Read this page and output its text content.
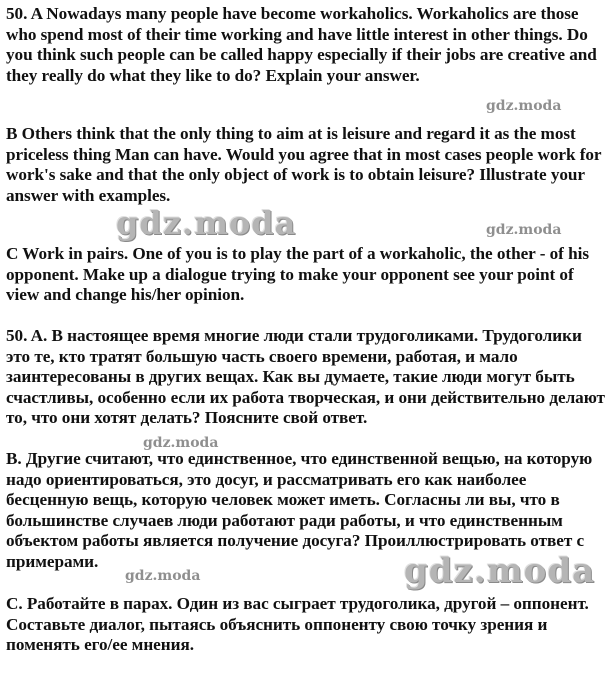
50. A Nowadays many people have become workaholics. Workaholics are those who spend most of their time working and have little interest in other things. Do you think such people can be called happy especially if their jobs are creative and they really do what they like to do? Explain your answer.

gdz.moda

B Others think that the only thing to aim at is leisure and regard it as the most priceless thing Man can have. Would you agree that in most cases people work for work's sake and that the only object of work is to obtain leisure? Illustrate your answer with examples.

gdz.moda	gdz.moda

C Work in pairs. One of you is to play the part of a workaholic, the other - of his opponent. Make up a dialogue trying to make your opponent see your point of view and change his/her opinion.

50. A. В настоящее время многие люди стали трудоголиками. Трудоголики это те, кто тратят большую часть своего времени, работая, и мало заинтересованы в других вещах. Как вы думаете, такие люди могут быть счастливы, особенно если их работа творческая, и они действительно делают то, что они хотят делать? Поясните свой ответ.

gdz.moda

В. Другие считают, что единственное, что единственной вещью, на которую надо ориентироваться, это досуг, и рассматривать его как наиболее бесценную вещь, которую человек может иметь. Согласны ли вы, что в большинстве случаев люди работают ради работы, и что единственным объектом работы является получение досуга? Проиллюстрировать ответ с примерами.

gdz.moda	gdz.moda

С. Работайте в парах. Один из вас сыграет трудоголика, другой – оппонент. Составьте диалог, пытаясь объяснить оппоненту свою точку зрения и поменять его/ее мнения.
